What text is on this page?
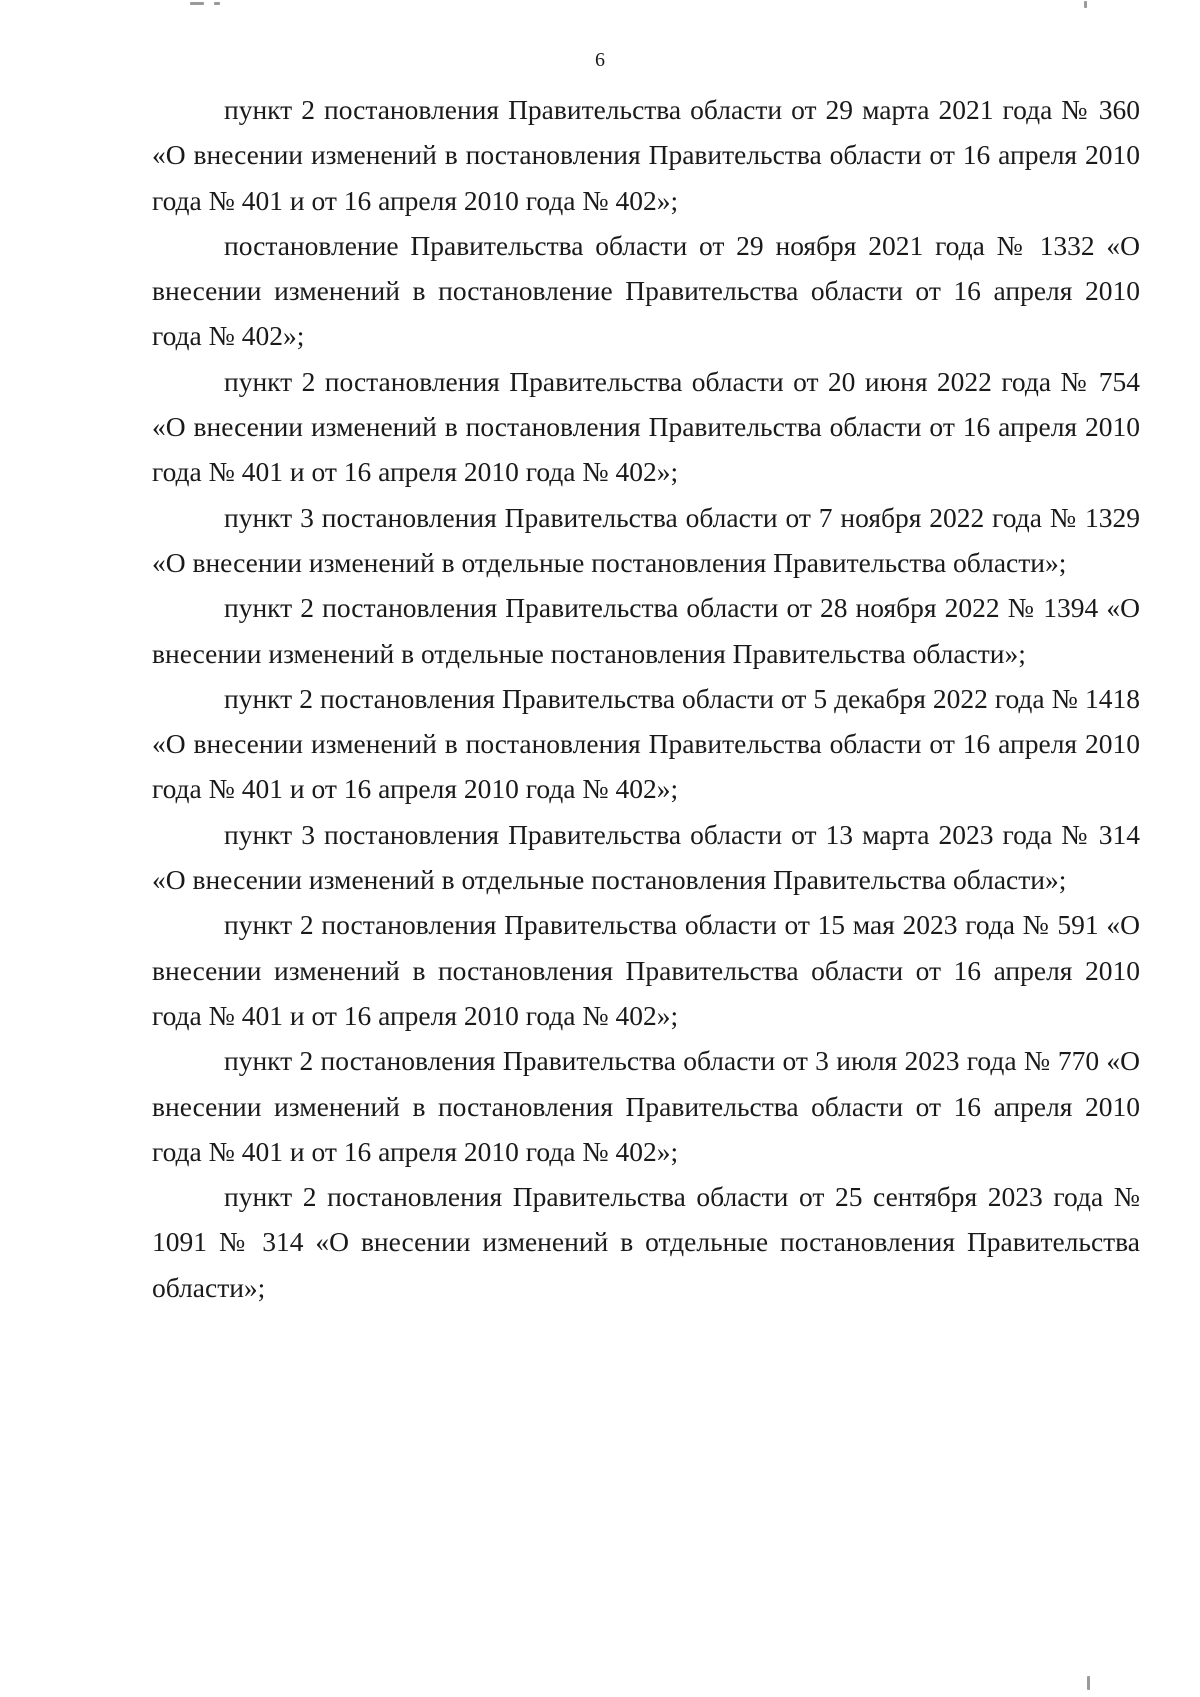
6

пункт 2 постановления Правительства области от 29 марта 2021 года № 360 «О внесении изменений в постановления Правительства области от 16 апреля 2010 года № 401 и от 16 апреля 2010 года № 402»;

постановление Правительства области от 29 ноября 2021 года № 1332 «О внесении изменений в постановление Правительства области от 16 апреля 2010 года № 402»;

пункт 2 постановления Правительства области от 20 июня 2022 года № 754 «О внесении изменений в постановления Правительства области от 16 апреля 2010 года № 401 и от 16 апреля 2010 года № 402»;

пункт 3 постановления Правительства области от 7 ноября 2022 года № 1329 «О внесении изменений в отдельные постановления Правительства области»;

пункт 2 постановления Правительства области от 28 ноября 2022 № 1394 «О внесении изменений в отдельные постановления Правительства области»;

пункт 2 постановления Правительства области от 5 декабря 2022 года № 1418 «О внесении изменений в постановления Правительства области от 16 апреля 2010 года № 401 и от 16 апреля 2010 года № 402»;

пункт 3 постановления Правительства области от 13 марта 2023 года № 314 «О внесении изменений в отдельные постановления Правительства области»;

пункт 2 постановления Правительства области от 15 мая 2023 года № 591 «О внесении изменений в постановления Правительства области от 16 апреля 2010 года № 401 и от 16 апреля 2010 года № 402»;

пункт 2 постановления Правительства области от 3 июля 2023 года № 770 «О внесении изменений в постановления Правительства области от 16 апреля 2010 года № 401 и от 16 апреля 2010 года № 402»;

пункт 2 постановления Правительства области от 25 сентября 2023 года № 1091 № 314 «О внесении изменений в отдельные постановления Правительства области»;
